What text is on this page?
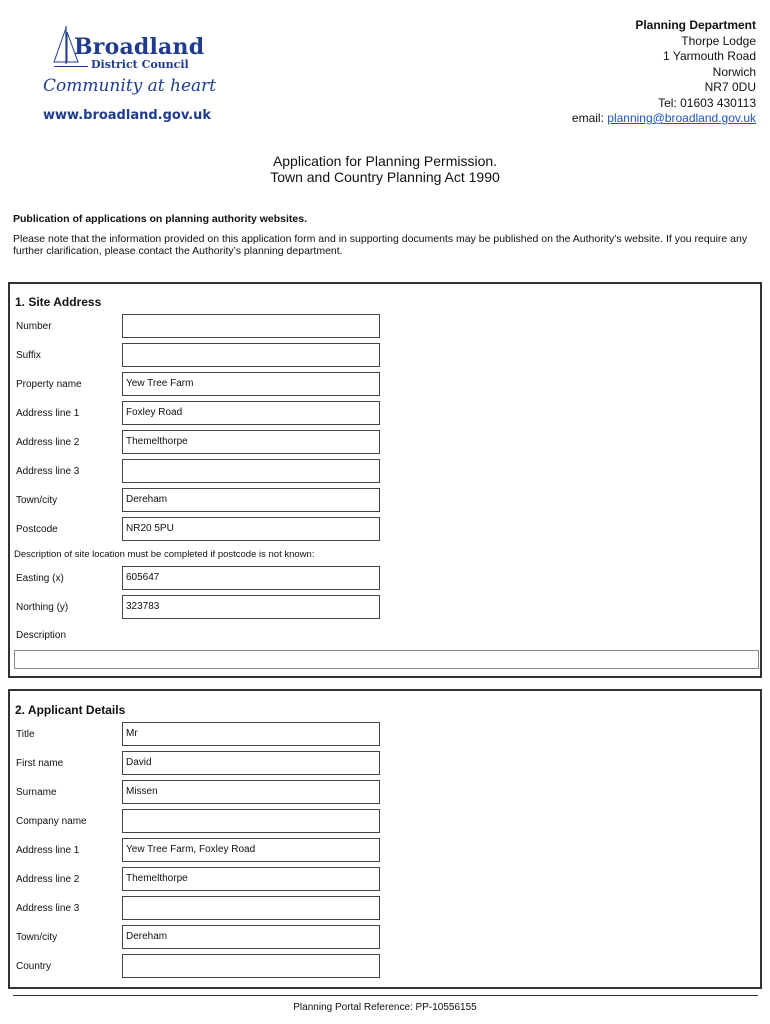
Broadland
District Council
Community at heart
www.broadland.gov.uk
Planning Department
Thorpe Lodge
1 Yarmouth Road
Norwich
NR7 0DU
Tel: 01603 430113
email: planning@broadland.gov.uk
Application for Planning Permission.
Town and Country Planning Act 1990
Publication of applications on planning authority websites.
Please note that the information provided on this application form and in supporting documents may be published on the Authority’s website. If you require any further clarification, please contact the Authority’s planning department.
1. Site Address
Number
Suffix
Property name	Yew Tree Farm
Address line 1	Foxley Road
Address line 2	Themelthorpe
Address line 3
Town/city	Dereham
Postcode	NR20 5PU
Description of site location must be completed if postcode is not known:
Easting (x)	605647
Northing (y)	323783
Description
2. Applicant Details
Title	Mr
First name	David
Surname	Missen
Company name
Address line 1	Yew Tree Farm, Foxley Road
Address line 2	Themelthorpe
Address line 3
Town/city	Dereham
Country
Planning Portal Reference: PP-10556155
